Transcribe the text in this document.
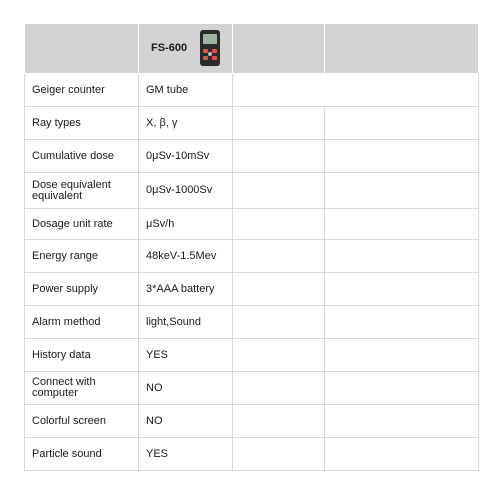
	FS-600

Geiger counter	GM tube		
Ray types	X, β, γ		
Cumulative dose	0μSv-10mSv		
Dose equivalent equivalent	0μSv-1000Sv		
Dosage unit rate	μSv/h		
Energy range	48keV-1.5Mev		
Power supply	3*AAA battery		
Alarm method	light,Sound		
History data	YES		
Connect with computer	NO		
Colorful screen	NO		
Particle sound	YES		
